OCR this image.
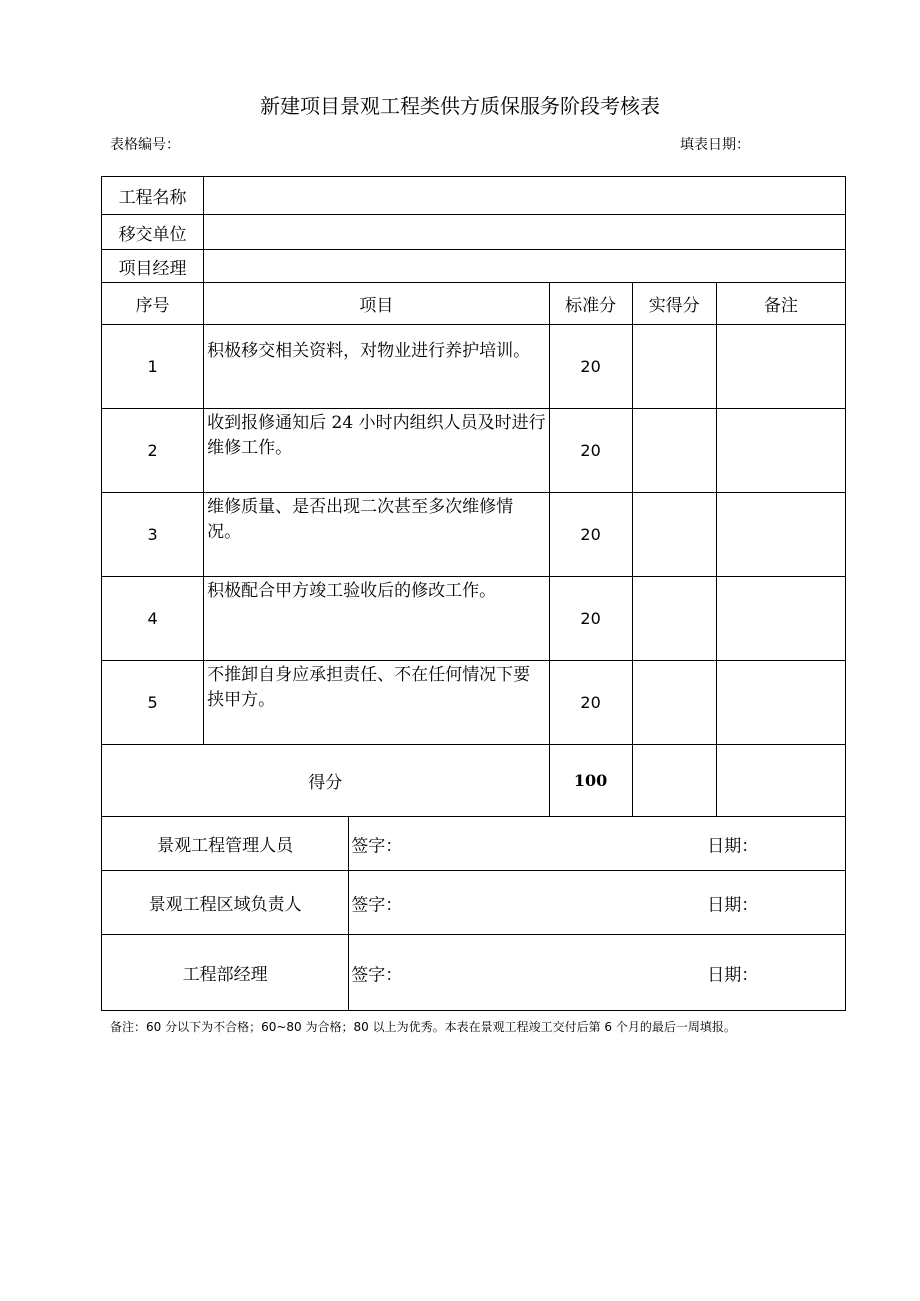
新建项目景观工程类供方质保服务阶段考核表
表格编号：	填表日期：
工程名称					
移交单位					
项目经理					
序号	项目		标准分	实得分	备注
1	积极移交相关资料，对物业进行养护培训。		20		
2	收到报修通知后 24 小时内组织人员及时进行维修工作。		20		
3	维修质量、是否出现二次甚至多次维修情况。		20		
4	积极配合甲方竣工验收后的修改工作。		20		
5	不推卸自身应承担责任、不在任何情况下要挟甲方。		20		
得分			100		
景观工程管理人员		签字： 日期：			

景观工程区域负责人		签字： 日期：			

工程部经理		签字： 日期：			
备注：60 分以下为不合格；60~80 为合格；80 以上为优秀。本表在景观工程竣工交付后第 6 个月的最后一周填报。
